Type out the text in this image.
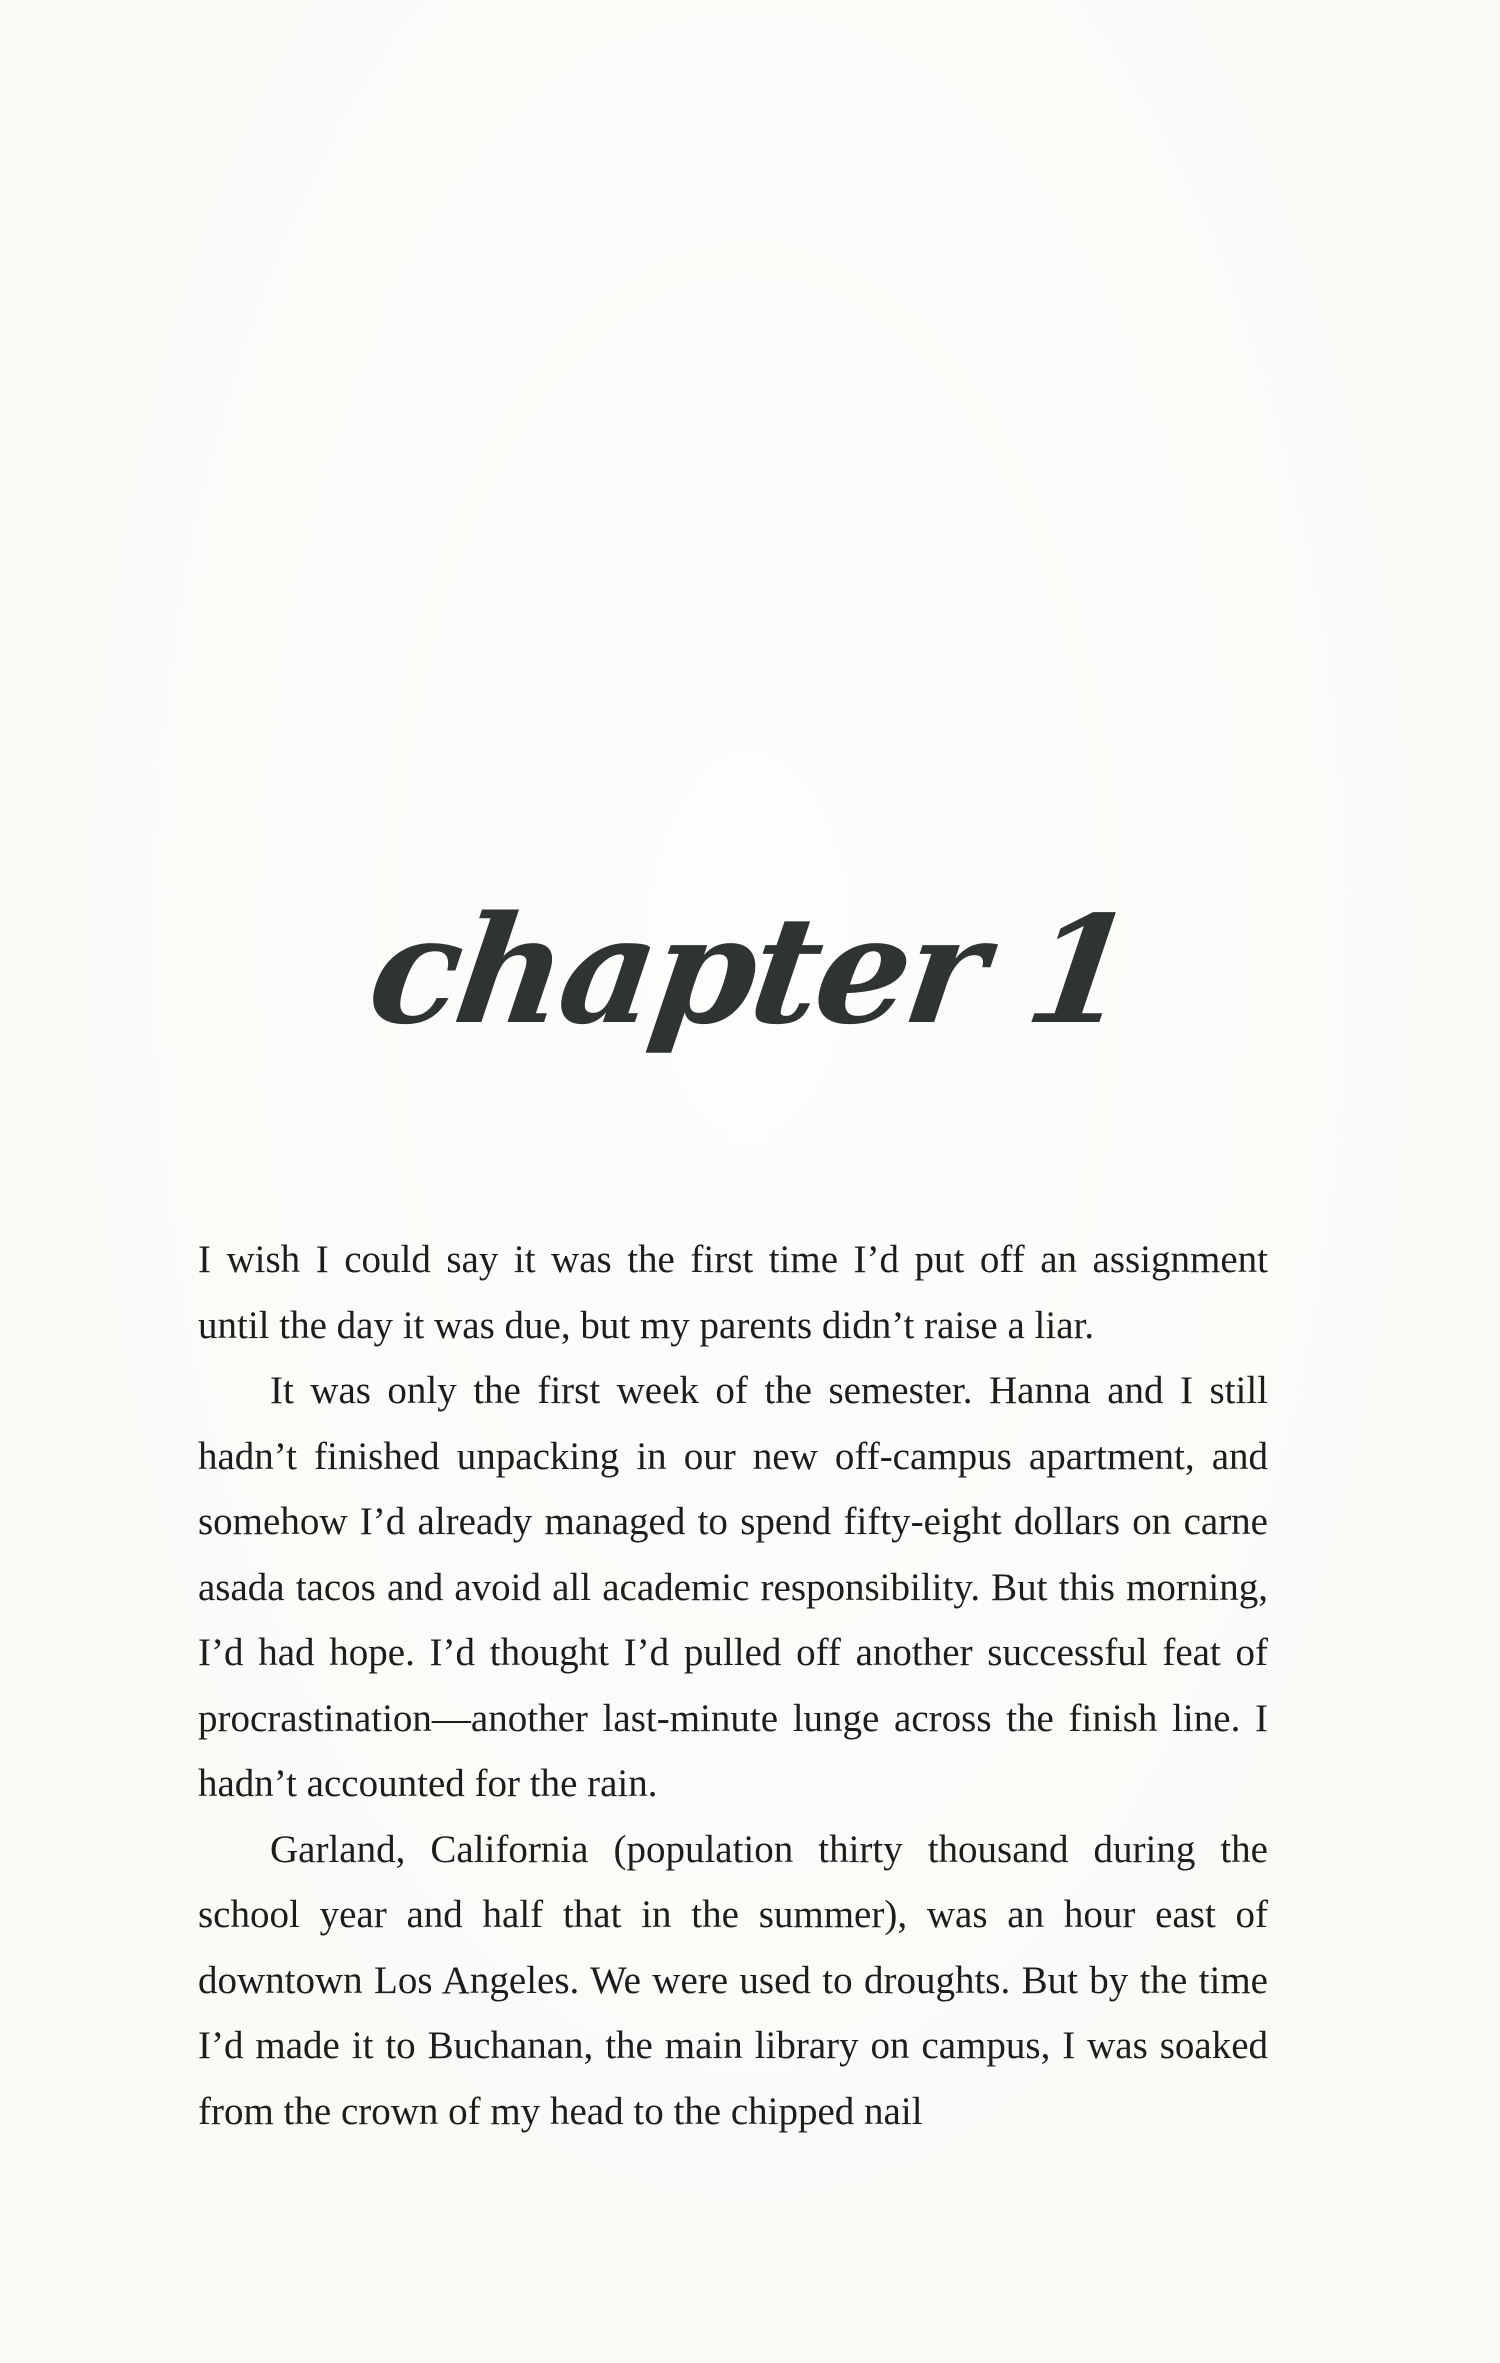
chapter 1

I wish I could say it was the first time I’d put off an assignment until the day it was due, but my parents didn’t raise a liar.

It was only the first week of the semester. Hanna and I still hadn’t finished unpacking in our new off-campus apartment, and somehow I’d already managed to spend fifty-eight dollars on carne asada tacos and avoid all academic responsibility. But this morning, I’d had hope. I’d thought I’d pulled off another successful feat of procrastination—another last-minute lunge across the finish line. I hadn’t accounted for the rain.

Garland, California (population thirty thousand during the school year and half that in the summer), was an hour east of downtown Los Angeles. We were used to droughts. But by the time I’d made it to Buchanan, the main library on campus, I was soaked from the crown of my head to the chipped nail
